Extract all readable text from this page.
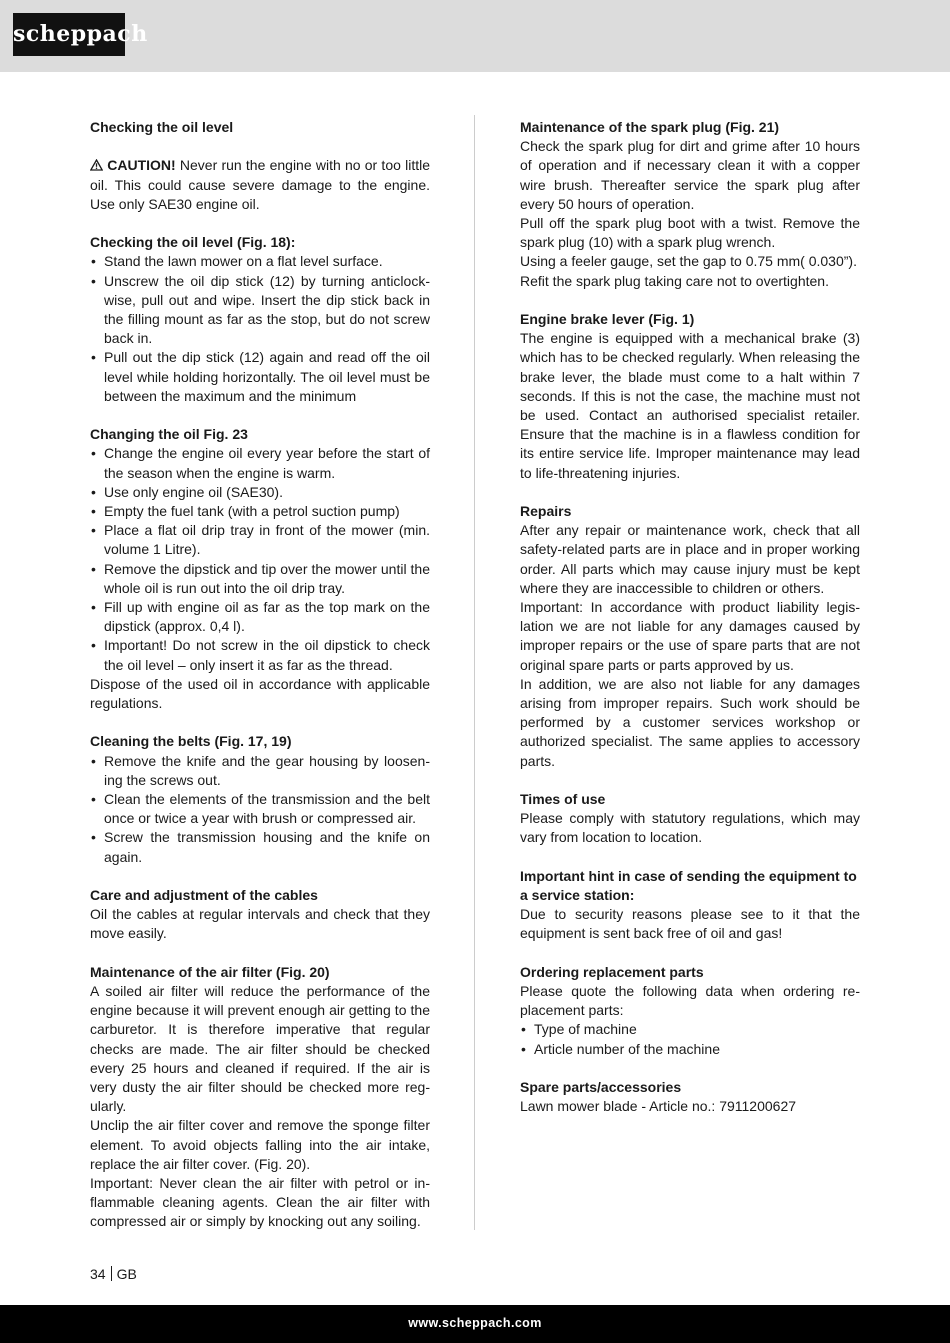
scheppach

Checking the oil level

CAUTION! Never run the engine with no or too little oil. This could cause severe damage to the engine. Use only SAE30 engine oil.

Checking the oil level (Fig. 18):

• Stand the lawn mower on a flat level surface.
• Unscrew the oil dip stick (12) by turning anticlockwise, pull out and wipe. Insert the dip stick back in the filling mount as far as the stop, but do not screw back in.
• Pull out the dip stick (12) again and read off the oil level while holding horizontally. The oil level must be between the maximum and the minimum

Changing the oil Fig. 23

• Change the engine oil every year before the start of the season when the engine is warm.
• Use only engine oil (SAE30).
• Empty the fuel tank (with a petrol suction pump)
• Place a flat oil drip tray in front of the mower (min. volume 1 Litre).
• Remove the dipstick and tip over the mower until the whole oil is run out into the oil drip tray.
• Fill up with engine oil as far as the top mark on the dipstick (approx. 0,4 l).
• Important! Do not screw in the oil dipstick to check the oil level – only insert it as far as the thread.

Dispose of the used oil in accordance with applicable regulations.

Cleaning the belts (Fig. 17, 19)

• Remove the knife and the gear housing by loosening the screws out.
• Clean the elements of the transmission and the belt once or twice a year with brush or compressed air.
• Screw the transmission housing and the knife on again.

Care and adjustment of the cables

Oil the cables at regular intervals and check that they move easily.

Maintenance of the air filter (Fig. 20)

A soiled air filter will reduce the performance of the engine because it will prevent enough air getting to the carburetor. It is therefore imperative that regular checks are made. The air filter should be checked every 25 hours and cleaned if required. If the air is very dusty the air filter should be checked more regularly.

Unclip the air filter cover and remove the sponge filter element. To avoid objects falling into the air intake, replace the air filter cover. (Fig. 20).

Important: Never clean the air filter with petrol or inflammable cleaning agents. Clean the air filter with compressed air or simply by knocking out any soiling.

Maintenance of the spark plug (Fig. 21)

Check the spark plug for dirt and grime after 10 hours of operation and if necessary clean it with a copper wire brush. Thereafter service the spark plug after every 50 hours of operation.

Pull off the spark plug boot with a twist. Remove the spark plug (10) with a spark plug wrench.

Using a feeler gauge, set the gap to 0.75 mm( 0.030”).

Refit the spark plug taking care not to overtighten.

Engine brake lever (Fig. 1)

The engine is equipped with a mechanical brake (3) which has to be checked regularly. When releasing the brake lever, the blade must come to a halt within 7 seconds. If this is not the case, the machine must not be used. Contact an authorised specialist retailer. Ensure that the machine is in a flawless condition for its entire service life. Improper maintenance may lead to life-threatening injuries.

Repairs

After any repair or maintenance work, check that all safety-related parts are in place and in proper working order. All parts which may cause injury must be kept where they are inaccessible to children or others.

Important: In accordance with product liability legislation we are not liable for any damages caused by improper repairs or the use of spare parts that are not original spare parts or parts approved by us.

In addition, we are also not liable for any damages arising from improper repairs. Such work should be performed by a customer services workshop or authorized specialist. The same applies to accessory parts.

Times of use

Please comply with statutory regulations, which may vary from location to location.

Important hint in case of sending the equipment to a service station:

Due to security reasons please see to it that the equipment is sent back free of oil and gas!

Ordering replacement parts

Please quote the following data when ordering replacement parts:

• Type of machine
• Article number of the machine

Spare parts/accessories

Lawn mower blade - Article no.: 7911200627

34 GB
www.scheppach.com
